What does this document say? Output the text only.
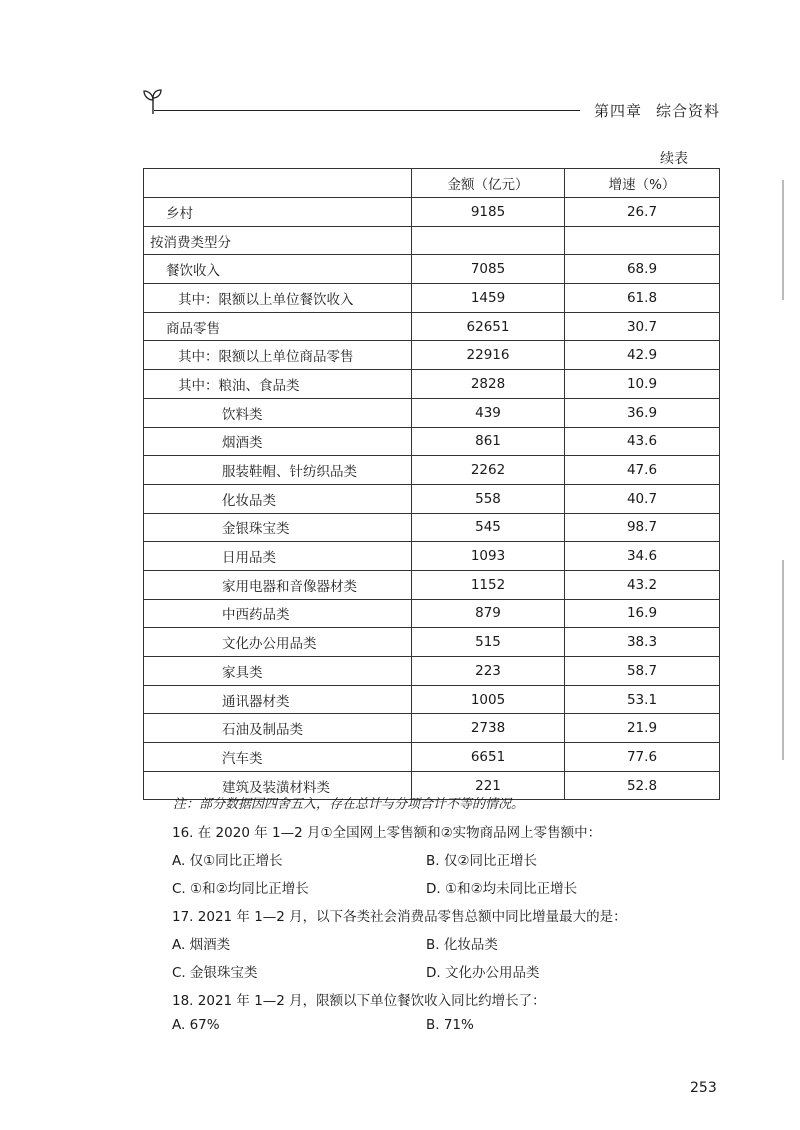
第四章 综合资料
续表
	金额（亿元）	增速（%）
乡村	9185	26.7
按消费类型分		
餐饮收入	7085	68.9
其中：限额以上单位餐饮收入	1459	61.8
商品零售	62651	30.7
其中：限额以上单位商品零售	22916	42.9
其中：粮油、食品类	2828	10.9
饮料类	439	36.9
烟酒类	861	43.6
服装鞋帽、针纺织品类	2262	47.6
化妆品类	558	40.7
金银珠宝类	545	98.7
日用品类	1093	34.6
家用电器和音像器材类	1152	43.2
中西药品类	879	16.9
文化办公用品类	515	38.3
家具类	223	58.7
通讯器材类	1005	53.1
石油及制品类	2738	21.9
汽车类	6651	77.6
建筑及装潢材料类	221	52.8
注：部分数据因四舍五入，存在总计与分项合计不等的情况。
16. 在 2020 年 1—2 月①全国网上零售额和②实物商品网上零售额中：
A. 仅①同比正增长	B. 仅②同比正增长
C. ①和②均同比正增长	D. ①和②均未同比正增长
17. 2021 年 1—2 月，以下各类社会消费品零售总额中同比增量最大的是：
A. 烟酒类	B. 化妆品类
C. 金银珠宝类	D. 文化办公用品类
18. 2021 年 1—2 月，限额以下单位餐饮收入同比约增长了：
A. 67%	B. 71%
253
